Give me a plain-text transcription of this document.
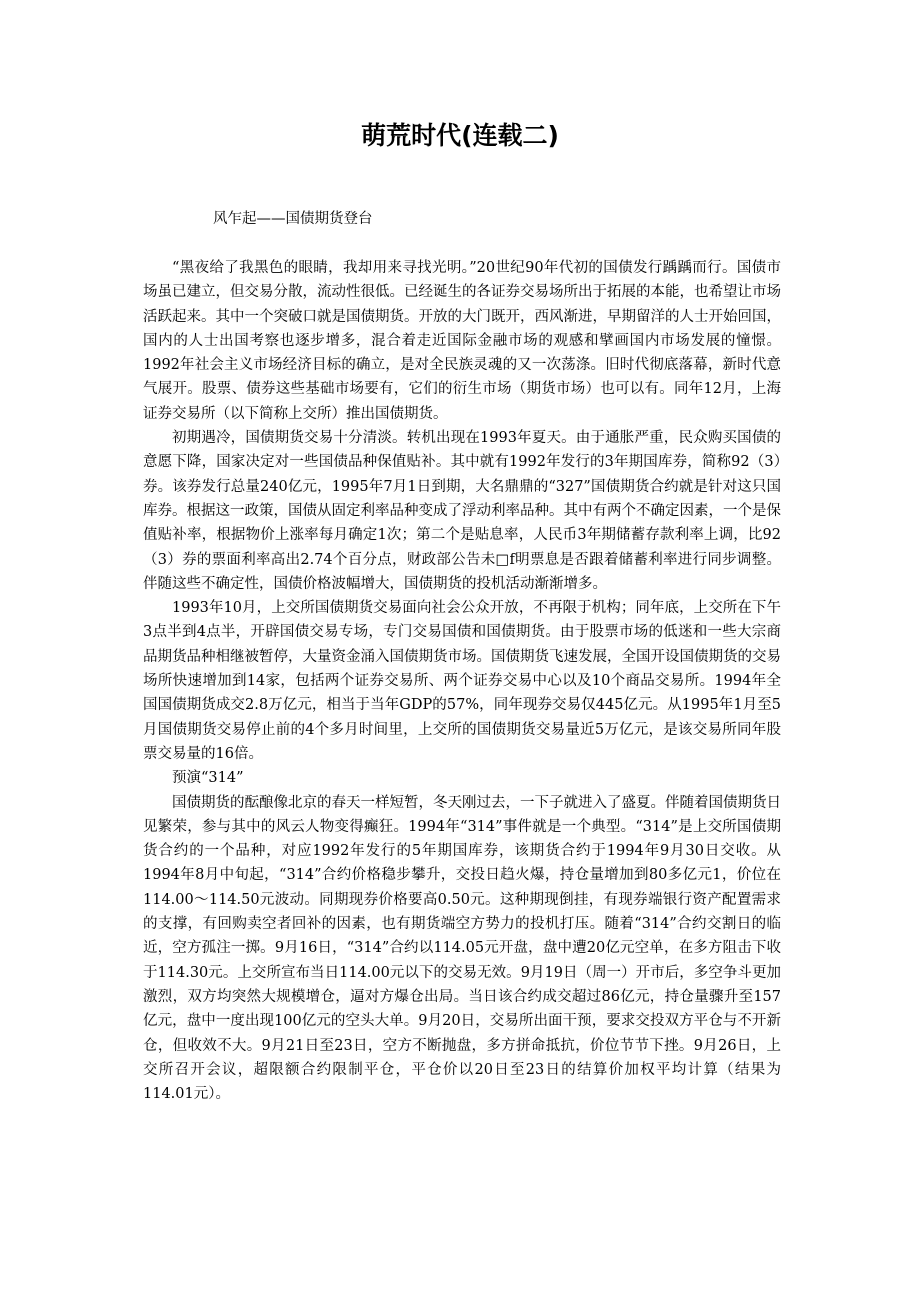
萌荒时代(连载二)
风乍起——国债期货登台

“黑夜给了我黑色的眼睛，我却用来寻找光明。”20世纪90年代初的国债发行踽踽而行。国债市场虽已建立，但交易分散，流动性很低。已经诞生的各证券交易场所出于拓展的本能，也希望让市场活跃起来。其中一个突破口就是国债期货。开放的大门既开，西风渐进，早期留洋的人士开始回国，国内的人士出国考察也逐步增多，混合着走近国际金融市场的观感和擘画国内市场发展的憧憬。1992年社会主义市场经济目标的确立，是对全民族灵魂的又一次荡涤。旧时代彻底落幕，新时代意气展开。股票、债券这些基础市场要有，它们的衍生市场（期货市场）也可以有。同年12月，上海证券交易所（以下简称上交所）推出国债期货。

初期遇冷，国债期货交易十分清淡。转机出现在1993年夏天。由于通胀严重，民众购买国债的意愿下降，国家决定对一些国债品种保值贴补。其中就有1992年发行的3年期国库券，简称92（3）券。该券发行总量240亿元，1995年7月1日到期，大名鼎鼎的“327”国债期货合约就是针对这只国库券。根据这一政策，国债从固定利率品种变成了浮动利率品种。其中有两个不确定因素，一个是保值贴补率，根据物价上涨率每月确定1次；第二个是贴息率，人民币3年期储蓄存款利率上调，比92（3）券的票面利率高出2.74个百分点，财政部公告未□f明票息是否跟着储蓄利率进行同步调整。伴随这些不确定性，国债价格波幅增大，国债期货的投机活动渐渐增多。

1993年10月，上交所国债期货交易面向社会公众开放，不再限于机构；同年底，上交所在下午3点半到4点半，开辟国债交易专场，专门交易国债和国债期货。由于股票市场的低迷和一些大宗商品期货品种相继被暂停，大量资金涌入国债期货市场。国债期货飞速发展，全国开设国债期货的交易场所快速增加到14家，包括两个证券交易所、两个证券交易中心以及10个商品交易所。1994年全国国债期货成交2.8万亿元，相当于当年GDP的57%，同年现券交易仅445亿元。从1995年1月至5月国债期货交易停止前的4个多月时间里，上交所的国债期货交易量近5万亿元，是该交易所同年股票交易量的16倍。

预演“314”

国债期货的酝酿像北京的春天一样短暂，冬天刚过去，一下子就进入了盛夏。伴随着国债期货日见繁荣，参与其中的风云人物变得癫狂。1994年“314”事件就是一个典型。“314”是上交所国债期货合约的一个品种，对应1992年发行的5年期国库券，该期货合约于1994年9月30日交收。从1994年8月中旬起，“314”合约价格稳步攀升，交投日趋火爆，持仓量增加到80多亿元1，价位在114.00～114.50元波动。同期现券价格要高0.50元。这种期现倒挂，有现券端银行资产配置需求的支撑，有回购卖空者回补的因素，也有期货端空方势力的投机打压。随着“314”合约交割日的临近，空方孤注一掷。9月16日，“314”合约以114.05元开盘，盘中遭20亿元空单，在多方阻击下收于114.30元。上交所宣布当日114.00元以下的交易无效。9月19日（周一）开市后，多空争斗更加激烈，双方均突然大规模增仓，逼对方爆仓出局。当日该合约成交超过86亿元，持仓量骤升至157亿元，盘中一度出现100亿元的空头大单。9月20日，交易所出面干预，要求交投双方平仓与不开新仓，但收效不大。9月21日至23日，空方不断抛盘，多方拼命抵抗，价位节节下挫。9月26日，上交所召开会议，超限额合约限制平仓，平仓价以20日至23日的结算价加权平均计算（结果为114.01元）。
